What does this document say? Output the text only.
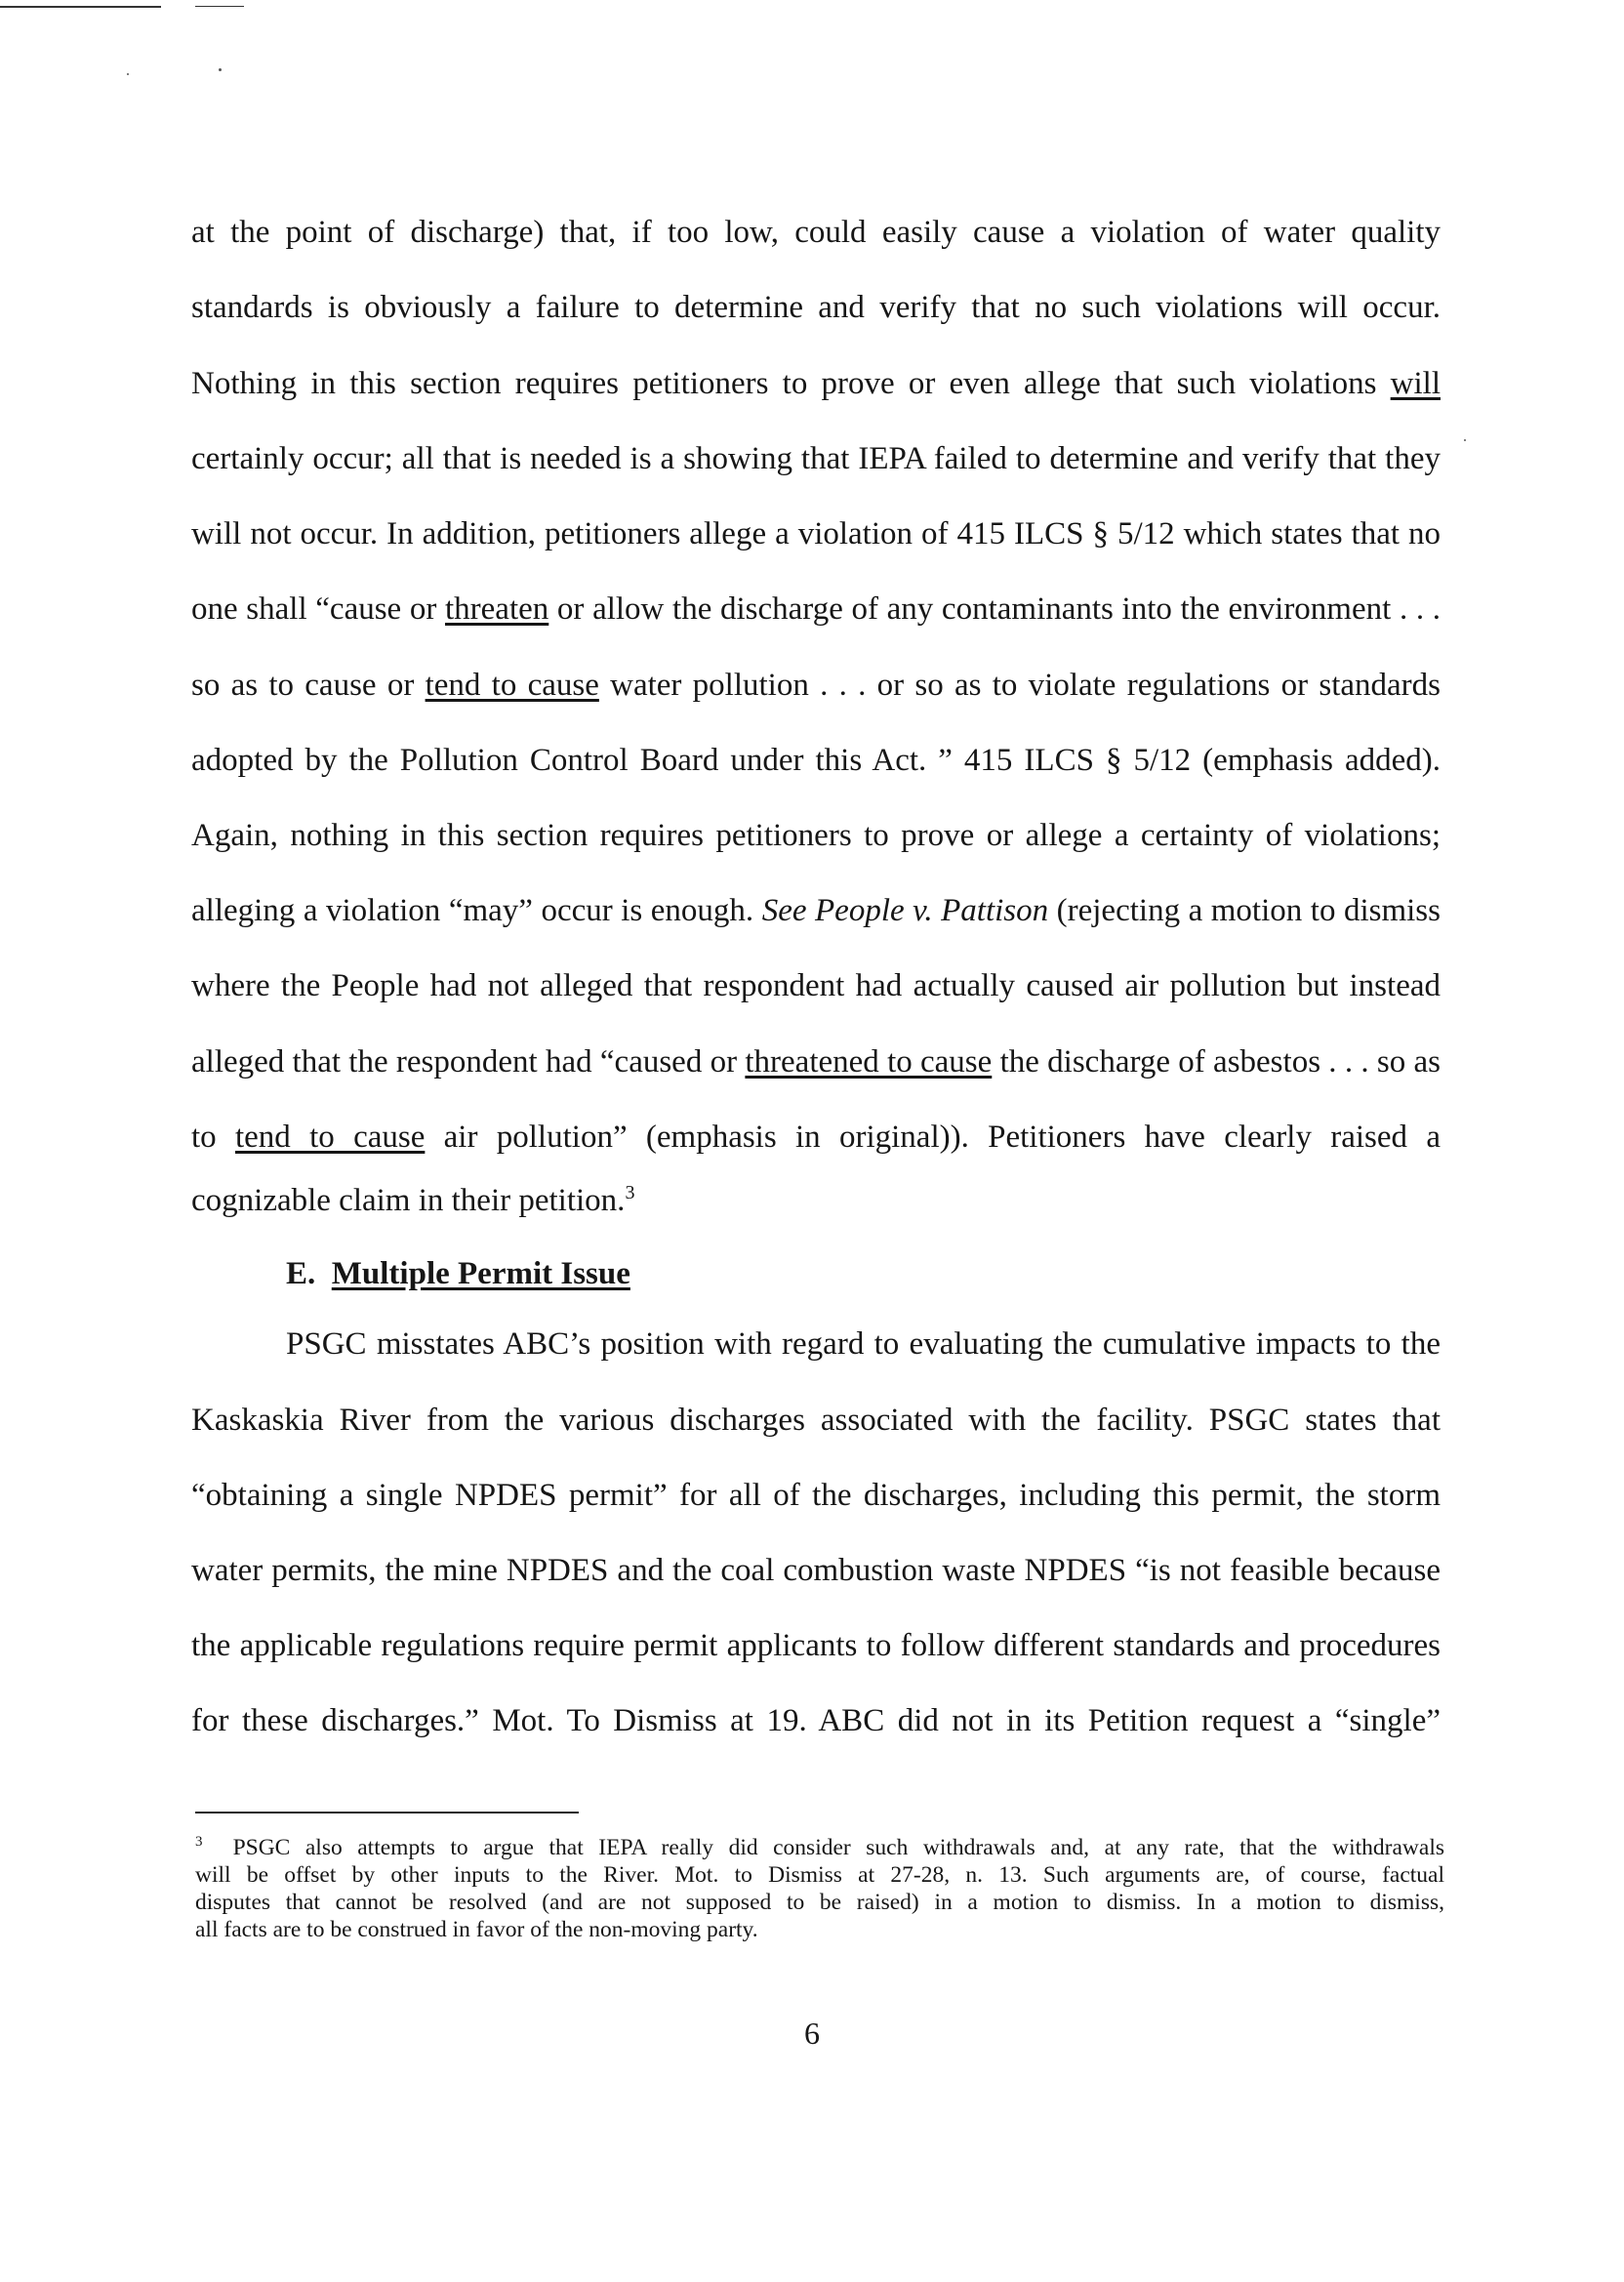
at the point of discharge) that, if too low, could easily cause a violation of water quality
standards is obviously a failure to determine and verify that no such violations will occur.
Nothing in this section requires petitioners to prove or even allege that such violations will
certainly occur; all that is needed is a showing that IEPA failed to determine and verify that they
will not occur. In addition, petitioners allege a violation of 415 ILCS § 5/12 which states that no
one shall “cause or threaten or allow the discharge of any contaminants into the environment . . .
so as to cause or tend to cause water pollution . . . or so as to violate regulations or standards
adopted by the Pollution Control Board under this Act. ” 415 ILCS § 5/12 (emphasis added).
Again, nothing in this section requires petitioners to prove or allege a certainty of violations;
alleging a violation “may” occur is enough. See People v. Pattison (rejecting a motion to dismiss
where the People had not alleged that respondent had actually caused air pollution but instead
alleged that the respondent had “caused or threatened to cause the discharge of asbestos . . . so as
to tend to cause air pollution” (emphasis in original)). Petitioners have clearly raised a
cognizable claim in their petition.$^3$
E. Multiple Permit Issue
PSGC misstates ABC’s position with regard to evaluating the cumulative impacts to the
Kaskaskia River from the various discharges associated with the facility. PSGC states that
“obtaining a single NPDES permit” for all of the discharges, including this permit, the storm
water permits, the mine NPDES and the coal combustion waste NPDES “is not feasible because
the applicable regulations require permit applicants to follow different standards and procedures
for these discharges.” Mot. To Dismiss at 19. ABC did not in its Petition request a “single”
$^3$ PSGC also attempts to argue that IEPA really did consider such withdrawals and, at any rate, that the withdrawals
will be offset by other inputs to the River. Mot. to Dismiss at 27-28, n. 13. Such arguments are, of course, factual
disputes that cannot be resolved (and are not supposed to be raised) in a motion to dismiss. In a motion to dismiss,
all facts are to be construed in favor of the non-moving party.
6
